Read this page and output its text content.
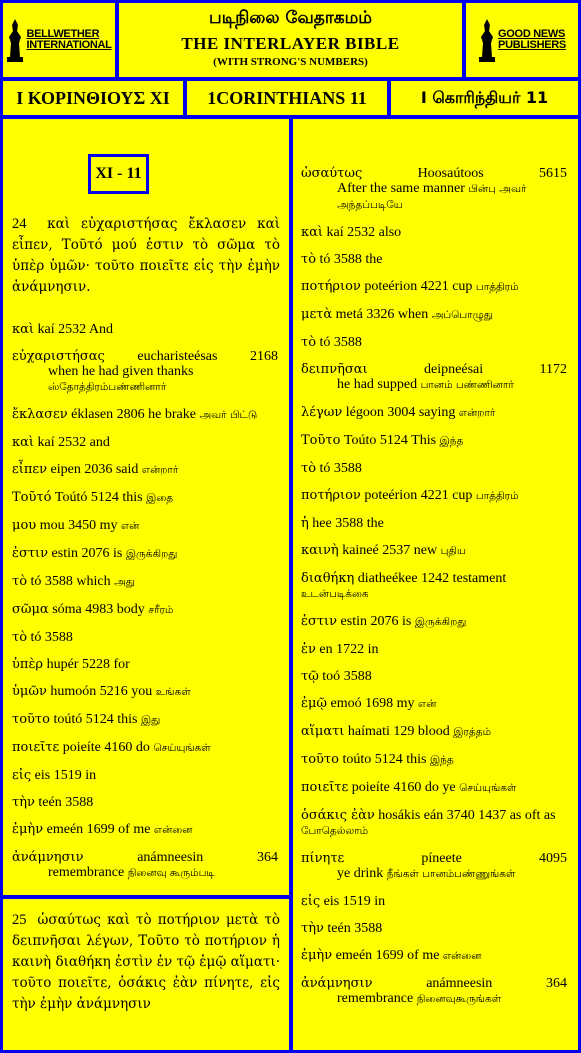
BELLWETHER
INTERNATIONAL
படிநிலை வேதாகமம்
THE INTERLAYER BIBLE
(WITH STRONG'S NUMBERS)
GOOD NEWS
PUBLISHERS
I ΚΟΡΙΝΘΙΟΥΣ XI	1CORINTHIANS 11	I கொரிந்தியர் 11
XI - 11
24 καὶ εὐχαριστήσας ἔκλασεν καὶ εἶπεν, Τοῦτό μού ἐστιν τὸ σῶμα τὸ ὑπὲρ ὑμῶν· τοῦτο ποιεῖτε εἰς τὴν ἐμὴν ἀνάμνησιν.
καὶ kaí 2532 And
εὐχαριστήσας eucharisteésas 2168
when he had given thanks ஸ்தோத்திரம்பண்ணினார்
ἔκλασεν éklasen 2806 he brake அவர் பிட்டு
καὶ kaí 2532 and
εἶπεν eipen 2036 said என்றார்
Τοῦτό Toútó 5124 this இதை
μου mou 3450 my என்
ἐστιν estin 2076 is இருக்கிறது
τὸ tó 3588 which அது
σῶμα sóma 4983 body சரீரம்
τὸ tó 3588
ὑπὲρ hupér 5228 for
ὑμῶν humoón 5216 you உங்கள்
τοῦτο toútó 5124 this இது
ποιεῖτε poieíte 4160 do செய்யுங்கள்
εἰς eis 1519 in
τὴν teén 3588
ἐμὴν emeén 1699 of me என்னை
ἀνάμνησιν	anámneesin	364
remembrance நினைவு கூரும்படி
25 ὡσαύτως καὶ τὸ ποτήριον μετὰ τὸ δειπνῆσαι λέγων, Τοῦτο τὸ ποτήριον ἡ καινὴ διαθήκη ἐστὶν ἐν τῷ ἐμῷ αἵματι· τοῦτο ποιεῖτε, ὁσάκις ἐὰν πίνητε, εἰς τὴν ἐμὴν ἀνάμνησιν
ὡσαύτως	Hoosaútoos	5615
After the same manner பின்பு அவர் அந்தப்படியே
καὶ kaí 2532 also
τὸ tó 3588 the
ποτήριον poteérion 4221 cup பாத்திரம்
μετὰ metá 3326 when அப்பொழுது
τὸ tó 3588
δειπνῆσαι	deipneésai	1172
he had supped பானம் பண்ணினார்
λέγων légoon 3004 saying என்றார்
Τοῦτο Toúto 5124 This இந்த
τὸ tó 3588
ποτήριον poteérion 4221 cup பாத்திரம்
ἡ hee 3588 the
καινὴ kaineé 2537 new புதிய
διαθήκη diatheékee 1242 testament உடன்படிக்கை
ἐστιν estin 2076 is இருக்கிறது
ἐν en 1722 in
τῷ toó 3588
ἐμῷ emoó 1698 my என்
αἵματι haímati 129 blood இரத்தம்
τοῦτο toúto 5124 this இந்த
ποιεῖτε poieíte 4160 do ye செய்யுங்கள்
ὁσάκις ἐὰν hosákis eán 3740 1437 as oft as போதெல்லாம்
πίνητε	píneete	4095
ye drink நீங்கள் பானம்பண்ணுங்கள்
εἰς eis 1519 in
τὴν teén 3588
ἐμὴν emeén 1699 of me என்னை
ἀνάμνησιν	anámneesin	364
remembrance நினைவுகூருங்கள்
